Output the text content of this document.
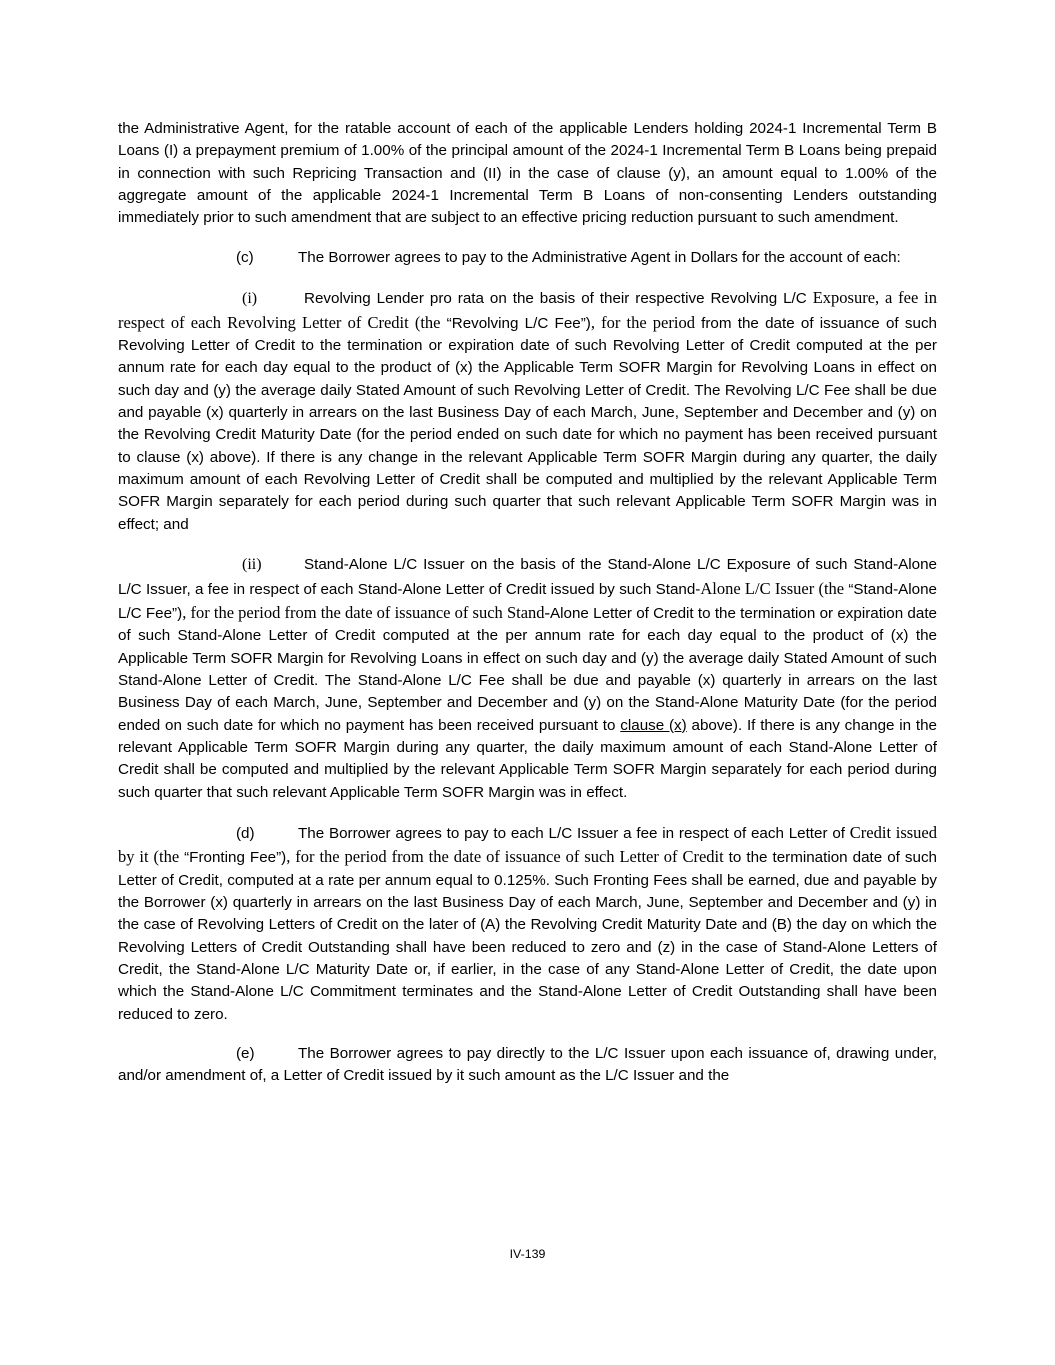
the Administrative Agent, for the ratable account of each of the applicable Lenders holding 2024-1 Incremental Term B Loans (I) a prepayment premium of 1.00% of the principal amount of the 2024-1 Incremental Term B Loans being prepaid in connection with such Repricing Transaction and (II) in the case of clause (y), an amount equal to 1.00% of the aggregate amount of the applicable 2024-1 Incremental Term B Loans of non-consenting Lenders outstanding immediately prior to such amendment that are subject to an effective pricing reduction pursuant to such amendment.

(c)	The Borrower agrees to pay to the Administrative Agent in Dollars for the account of each:

(i)	Revolving Lender pro rata on the basis of their respective Revolving L/C Exposure, a fee in respect of each Revolving Letter of Credit (the “Revolving L/C Fee”), for the period from the date of issuance of such Revolving Letter of Credit to the termination or expiration date of such Revolving Letter of Credit computed at the per annum rate for each day equal to the product of (x) the Applicable Term SOFR Margin for Revolving Loans in effect on such day and (y) the average daily Stated Amount of such Revolving Letter of Credit. The Revolving L/C Fee shall be due and payable (x) quarterly in arrears on the last Business Day of each March, June, September and December and (y) on the Revolving Credit Maturity Date (for the period ended on such date for which no payment has been received pursuant to clause (x) above). If there is any change in the relevant Applicable Term SOFR Margin during any quarter, the daily maximum amount of each Revolving Letter of Credit shall be computed and multiplied by the relevant Applicable Term SOFR Margin separately for each period during such quarter that such relevant Applicable Term SOFR Margin was in effect; and

(ii)	Stand-Alone L/C Issuer on the basis of the Stand-Alone L/C Exposure of such Stand-Alone L/C Issuer, a fee in respect of each Stand-Alone Letter of Credit issued by such Stand-Alone L/C Issuer (the “Stand-Alone L/C Fee”), for the period from the date of issuance of such Stand-Alone Letter of Credit to the termination or expiration date of such Stand-Alone Letter of Credit computed at the per annum rate for each day equal to the product of (x) the Applicable Term SOFR Margin for Revolving Loans in effect on such day and (y) the average daily Stated Amount of such Stand-Alone Letter of Credit. The Stand-Alone L/C Fee shall be due and payable (x) quarterly in arrears on the last Business Day of each March, June, September and December and (y) on the Stand-Alone Maturity Date (for the period ended on such date for which no payment has been received pursuant to clause (x) above). If there is any change in the relevant Applicable Term SOFR Margin during any quarter, the daily maximum amount of each Stand-Alone Letter of Credit shall be computed and multiplied by the relevant Applicable Term SOFR Margin separately for each period during such quarter that such relevant Applicable Term SOFR Margin was in effect.

(d)	The Borrower agrees to pay to each L/C Issuer a fee in respect of each Letter of Credit issued by it (the “Fronting Fee”), for the period from the date of issuance of such Letter of Credit to the termination date of such Letter of Credit, computed at a rate per annum equal to 0.125%. Such Fronting Fees shall be earned, due and payable by the Borrower (x) quarterly in arrears on the last Business Day of each March, June, September and December and (y) in the case of Revolving Letters of Credit on the later of (A) the Revolving Credit Maturity Date and (B) the day on which the Revolving Letters of Credit Outstanding shall have been reduced to zero and (z) in the case of Stand-Alone Letters of Credit, the Stand-Alone L/C Maturity Date or, if earlier, in the case of any Stand-Alone Letter of Credit, the date upon which the Stand-Alone L/C Commitment terminates and the Stand-Alone Letter of Credit Outstanding shall have been reduced to zero.

(e)	The Borrower agrees to pay directly to the L/C Issuer upon each issuance of, drawing under, and/or amendment of, a Letter of Credit issued by it such amount as the L/C Issuer and the

IV-139
